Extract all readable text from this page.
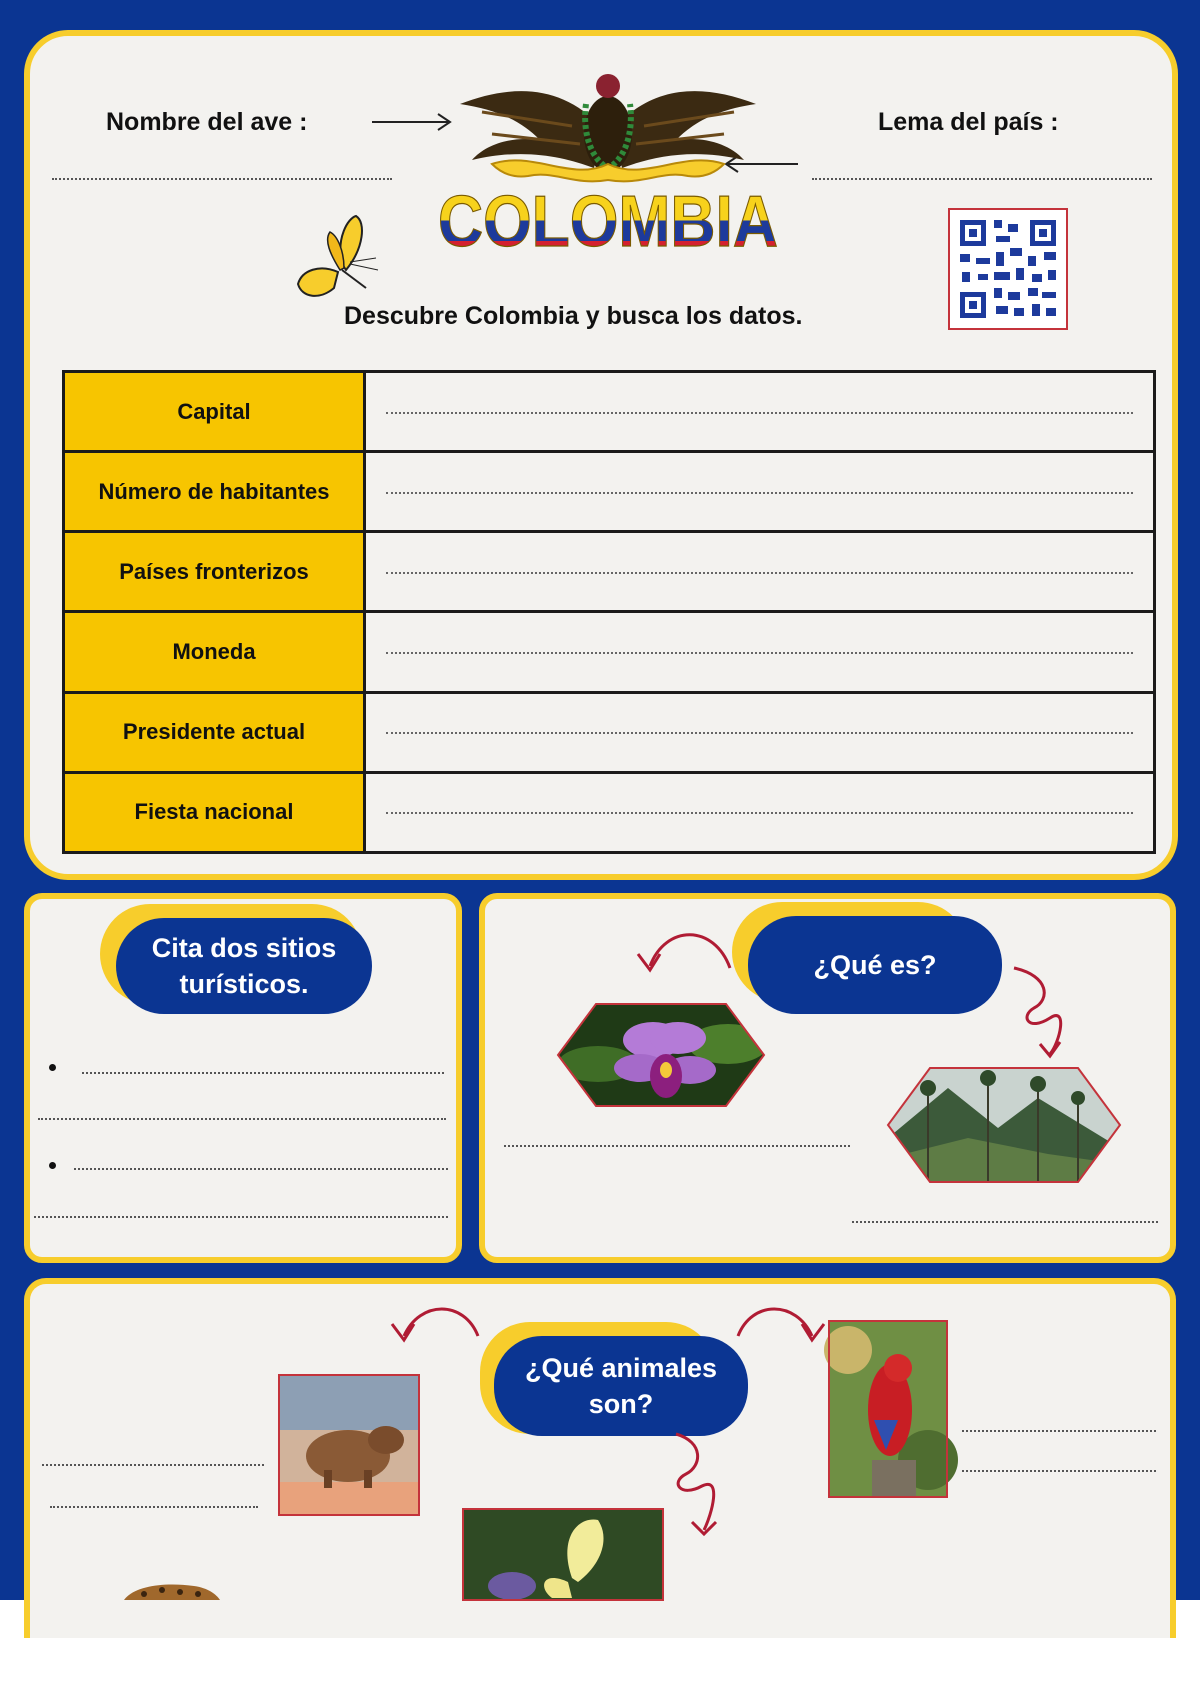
Nombre del ave :	Lema del país :
COLOMBIA
Descubre Colombia y busca los datos.
Capital	

Número de habitantes	

Países fronterizos	

Moneda	

Presidente actual	

Fiesta nacional	
Cita dos sitios
turísticos.
¿Qué es?
¿Qué animales
son?
